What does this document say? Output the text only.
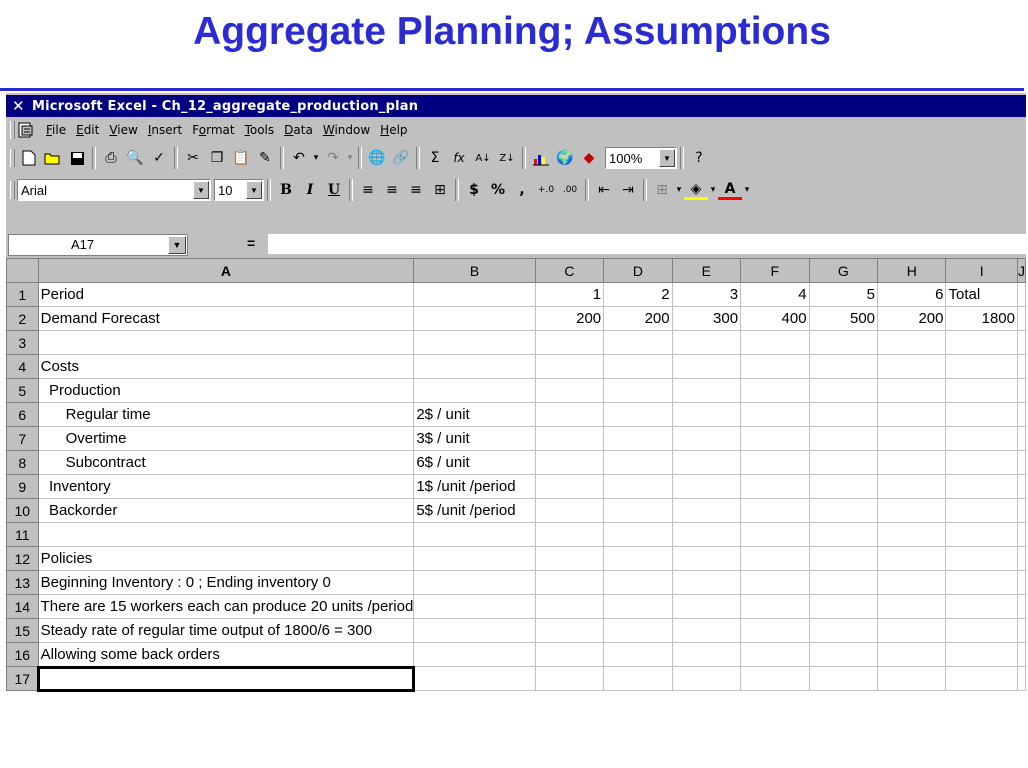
Aggregate Planning; Assumptions
✕ Microsoft Excel - Ch_12_aggregate_production_plan
File Edit View Insert Format Tools Data Window Help
⎙ 🔍 ✓	✂ ❐ 📋 ✎	↶ ▾ ↷ ▾ 🌐 🔗	Σ	fx	A↓ Z↓	🌍 ◆	100%	▼	?
Arial	▼	10	▼	B	I	U	≡ ≡ ≡ ⊞	$ %	,	+.0 .00	⇤ ⇥	⊞ ▾ ◈	▾ A	▾
A17	▼	=
	A	B	C	D	E	F	G	H	I	J
1	Period		1	2	3	4	5	6	Total	
2	Demand Forecast		200	200	300	400	500	200	1800	
3										
4	Costs									
5	Production									
6	Regular time	2$ / unit								
7	Overtime	3$ / unit								
8	Subcontract	6$ / unit								
9	Inventory	1$ /unit /period								
10	Backorder	5$ /unit /period								
11										
12	Policies									
13	Beginning Inventory : 0 ; Ending inventory 0									
14	There are 15 workers each can produce 20 units /period									
15	Steady rate of regular time output of 1800/6 = 300									
16	Allowing some back orders									
17										
